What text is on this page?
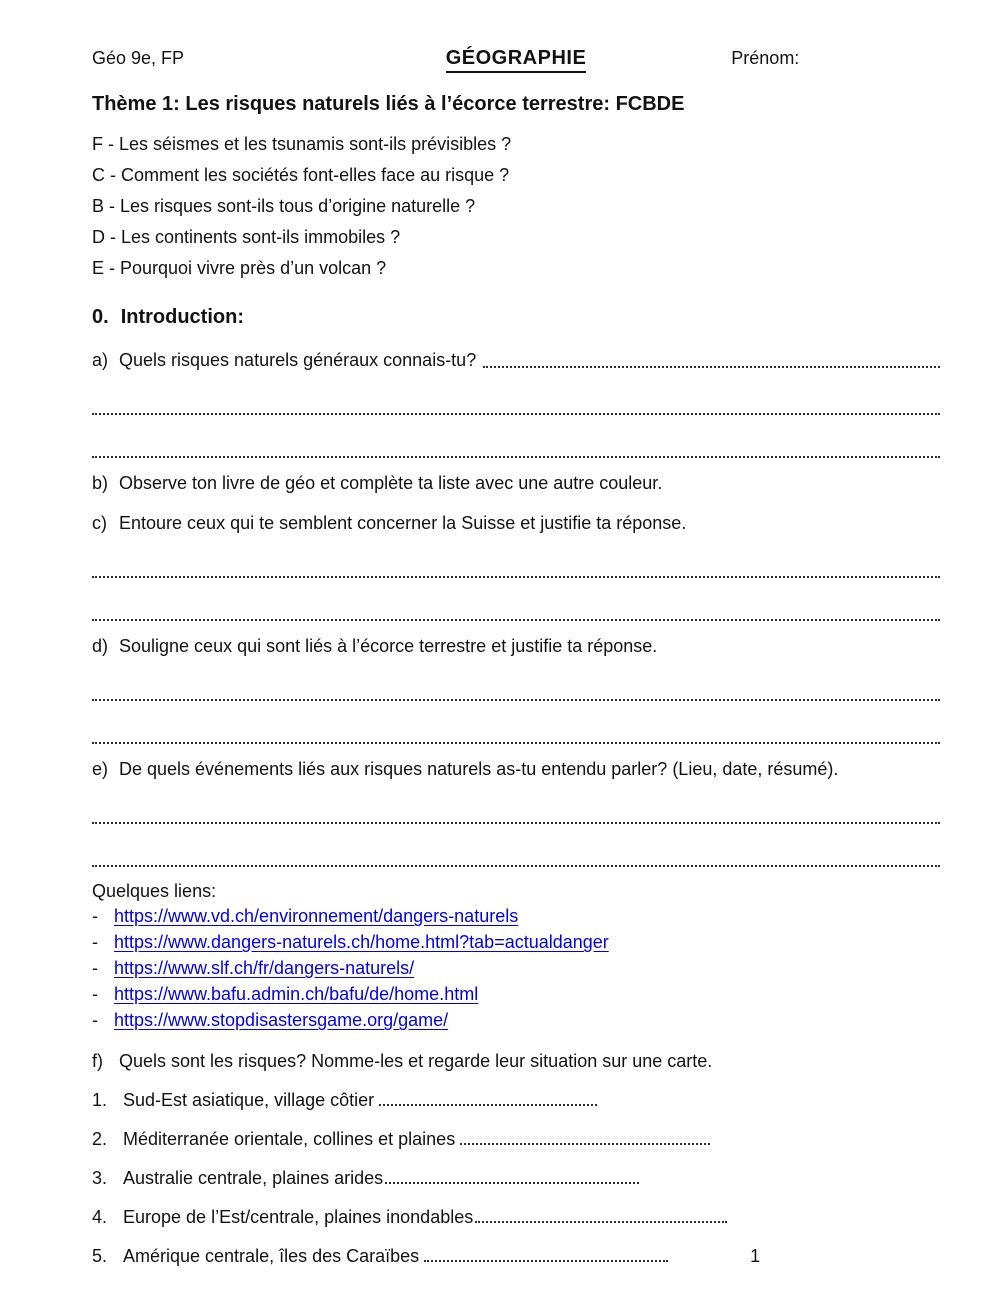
Géo 9e, FP	GÉOGRAPHIE	Prénom:
Thème 1: Les risques naturels liés à l’écorce terrestre: FCBDE
F - Les séismes et les tsunamis sont-ils prévisibles ?
C - Comment les sociétés font-elles face au risque ?
B - Les risques sont-ils tous d’origine naturelle ?
D - Les continents sont-ils immobiles ?
E - Pourquoi vivre près d’un volcan ?
0. Introduction:
a) Quels risques naturels généraux connais-tu?
b) Observe ton livre de géo et complète ta liste avec une autre couleur.
c) Entoure ceux qui te semblent concerner la Suisse et justifie ta réponse.
d) Souligne ceux qui sont liés à l’écorce terrestre et justifie ta réponse.
e) De quels événements liés aux risques naturels as-tu entendu parler? (Lieu, date, résumé).
Quelques liens:
- https://www.vd.ch/environnement/dangers-naturels
- https://www.dangers-naturels.ch/home.html?tab=actualdanger
- https://www.slf.ch/fr/dangers-naturels/
- https://www.bafu.admin.ch/bafu/de/home.html
- https://www.stopdisastersgame.org/game/
f) Quels sont les risques? Nomme-les et regarde leur situation sur une carte.
1. Sud-Est asiatique, village côtier
2. Méditerranée orientale, collines et plaines
3. Australie centrale, plaines arides
4. Europe de l’Est/centrale, plaines inondables
5. Amérique centrale, îles des Caraïbes	1
